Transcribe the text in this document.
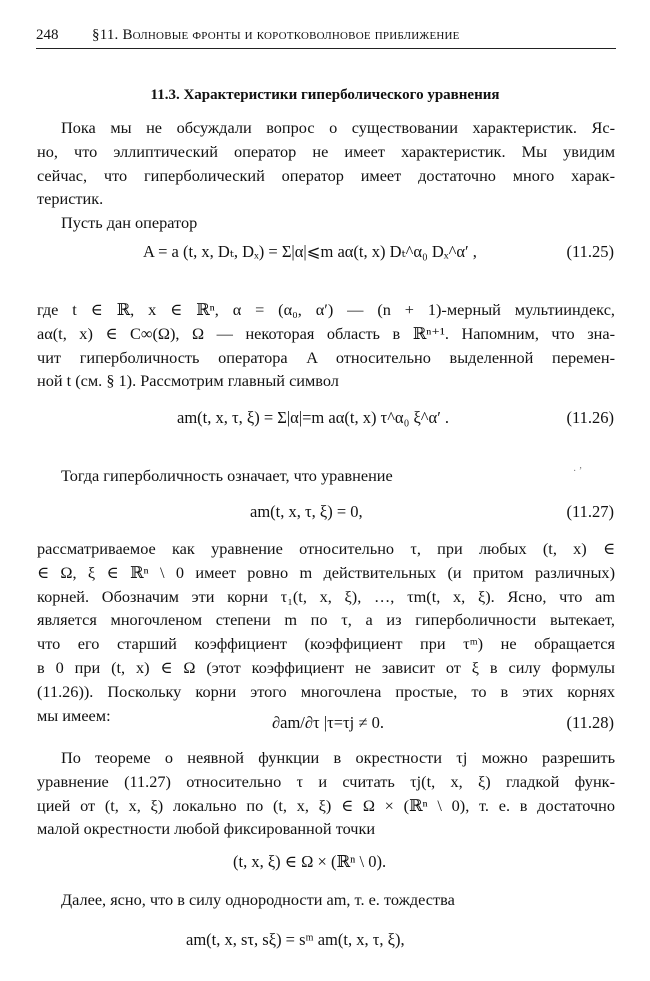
248 §11. Волновые фронты и коротковолновое приближение
11.3. Характеристики гиперболического уравнения
Пока мы не обсуждали вопрос о существовании характеристик. Яс-
но, что эллиптический оператор не имеет характеристик. Мы увидим
сейчас, что гиперболический оператор имеет достаточно много харак-
теристик.
Пусть дан оператор
A = a (t, x, Dₜ, Dₓ) = Σ|α|⩽m aα(t, x) Dₜ^α₀ Dₓ^α′ ,	(11.25)
где t ∈ ℝ, x ∈ ℝⁿ, α = (α₀, α′) — (n + 1)-мерный мультииндекс,
aα(t, x) ∈ C∞(Ω), Ω — некоторая область в ℝⁿ⁺¹. Напомним, что зна-
чит гиперболичность оператора A относительно выделенной перемен-
ной t (см. § 1). Рассмотрим главный символ
am(t, x, τ, ξ) = Σ|α|=m aα(t, x) τ^α₀ ξ^α′ .	(11.26)
Тогда гиперболичность означает, что уравнение	· ’
am(t, x, τ, ξ) = 0,	(11.27)
рассматриваемое как уравнение относительно τ, при любых (t, x) ∈
∈ Ω, ξ ∈ ℝⁿ \ 0 имеет ровно m действительных (и притом различных)
корней. Обозначим эти корни τ₁(t, x, ξ), …, τm(t, x, ξ). Ясно, что am
является многочленом степени m по τ, а из гиперболичности вытекает,
что его старший коэффициент (коэффициент при τᵐ) не обращается
в 0 при (t, x) ∈ Ω (этот коэффициент не зависит от ξ в силу формулы
(11.26)). Поскольку корни этого многочлена простые, то в этих корнях
мы имеем:	∂am/∂τ |τ=τj ≠ 0.	(11.28)
По теореме о неявной функции в окрестности τj можно разрешить
уравнение (11.27) относительно τ и считать τj(t, x, ξ) гладкой функ-
цией от (t, x, ξ) локально по (t, x, ξ) ∈ Ω × (ℝⁿ \ 0), т. е. в достаточно
малой окрестности любой фиксированной точки
(t, x, ξ) ∈ Ω × (ℝⁿ \ 0).
Далее, ясно, что в силу однородности am, т. е. тождества
am(t, x, sτ, sξ) = sᵐ am(t, x, τ, ξ),
